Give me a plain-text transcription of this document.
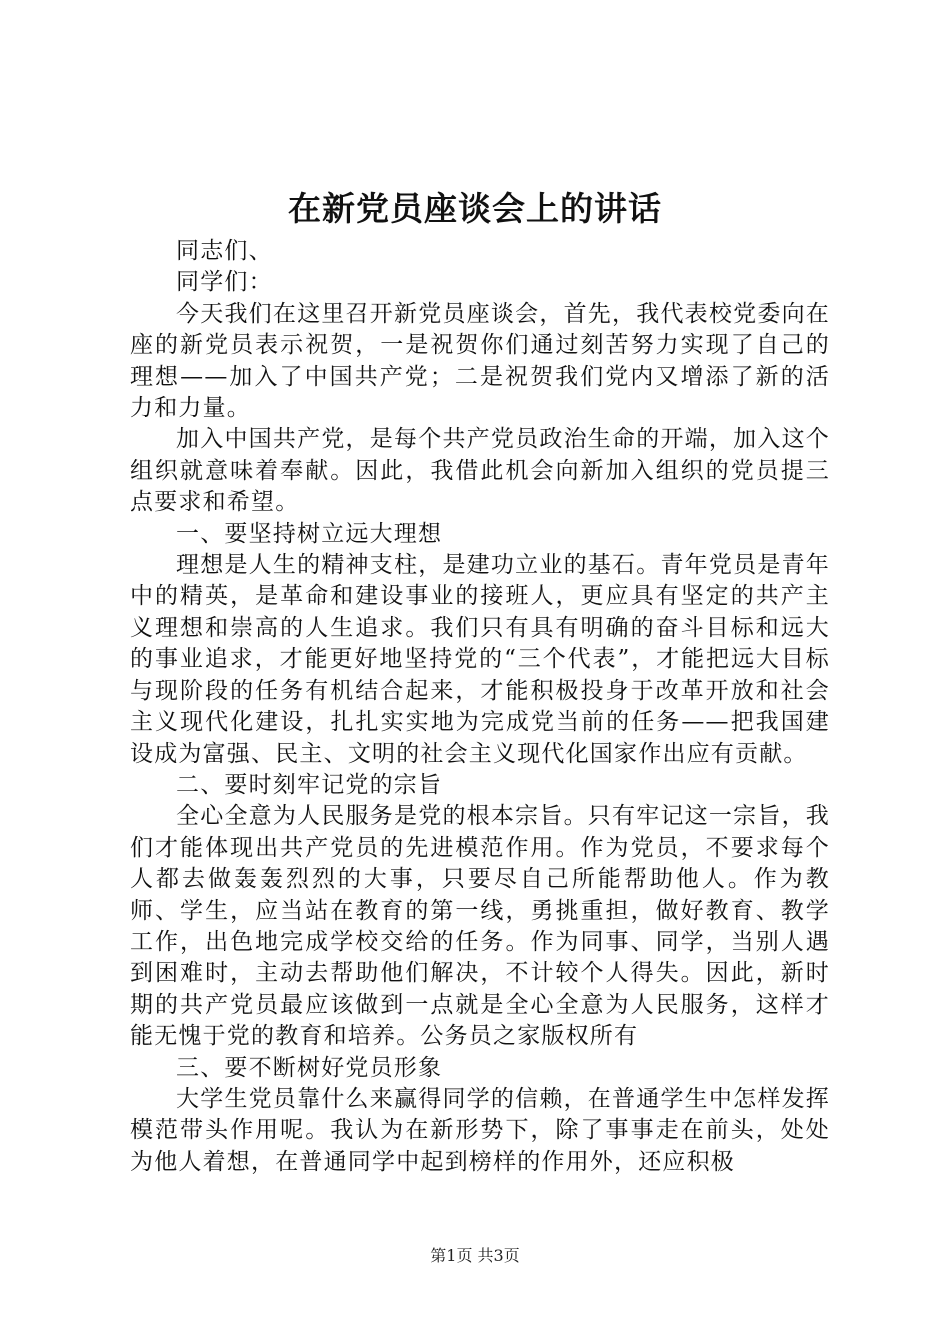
在新党员座谈会上的讲话

同志们、

同学们：

今天我们在这里召开新党员座谈会，首先，我代表校党委向在座的新党员表示祝贺，一是祝贺你们通过刻苦努力实现了自己的理想——加入了中国共产党；二是祝贺我们党内又增添了新的活力和力量。

加入中国共产党，是每个共产党员政治生命的开端，加入这个组织就意味着奉献。因此，我借此机会向新加入组织的党员提三点要求和希望。

一、要坚持树立远大理想

理想是人生的精神支柱，是建功立业的基石。青年党员是青年中的精英，是革命和建设事业的接班人，更应具有坚定的共产主义理想和崇高的人生追求。我们只有具有明确的奋斗目标和远大的事业追求，才能更好地坚持党的“三个代表”，才能把远大目标与现阶段的任务有机结合起来，才能积极投身于改革开放和社会主义现代化建设，扎扎实实地为完成党当前的任务——把我国建设成为富强、民主、文明的社会主义现代化国家作出应有贡献。

二、要时刻牢记党的宗旨

全心全意为人民服务是党的根本宗旨。只有牢记这一宗旨，我们才能体现出共产党员的先进模范作用。作为党员，不要求每个人都去做轰轰烈烈的大事，只要尽自己所能帮助他人。作为教师、学生，应当站在教育的第一线，勇挑重担，做好教育、教学工作，出色地完成学校交给的任务。作为同事、同学，当别人遇到困难时，主动去帮助他们解决，不计较个人得失。因此，新时期的共产党员最应该做到一点就是全心全意为人民服务，这样才能无愧于党的教育和培养。公务员之家版权所有

三、要不断树好党员形象

大学生党员靠什么来赢得同学的信赖，在普通学生中怎样发挥模范带头作用呢。我认为在新形势下，除了事事走在前头，处处为他人着想，在普通同学中起到榜样的作用外，还应积极

第1页 共3页
